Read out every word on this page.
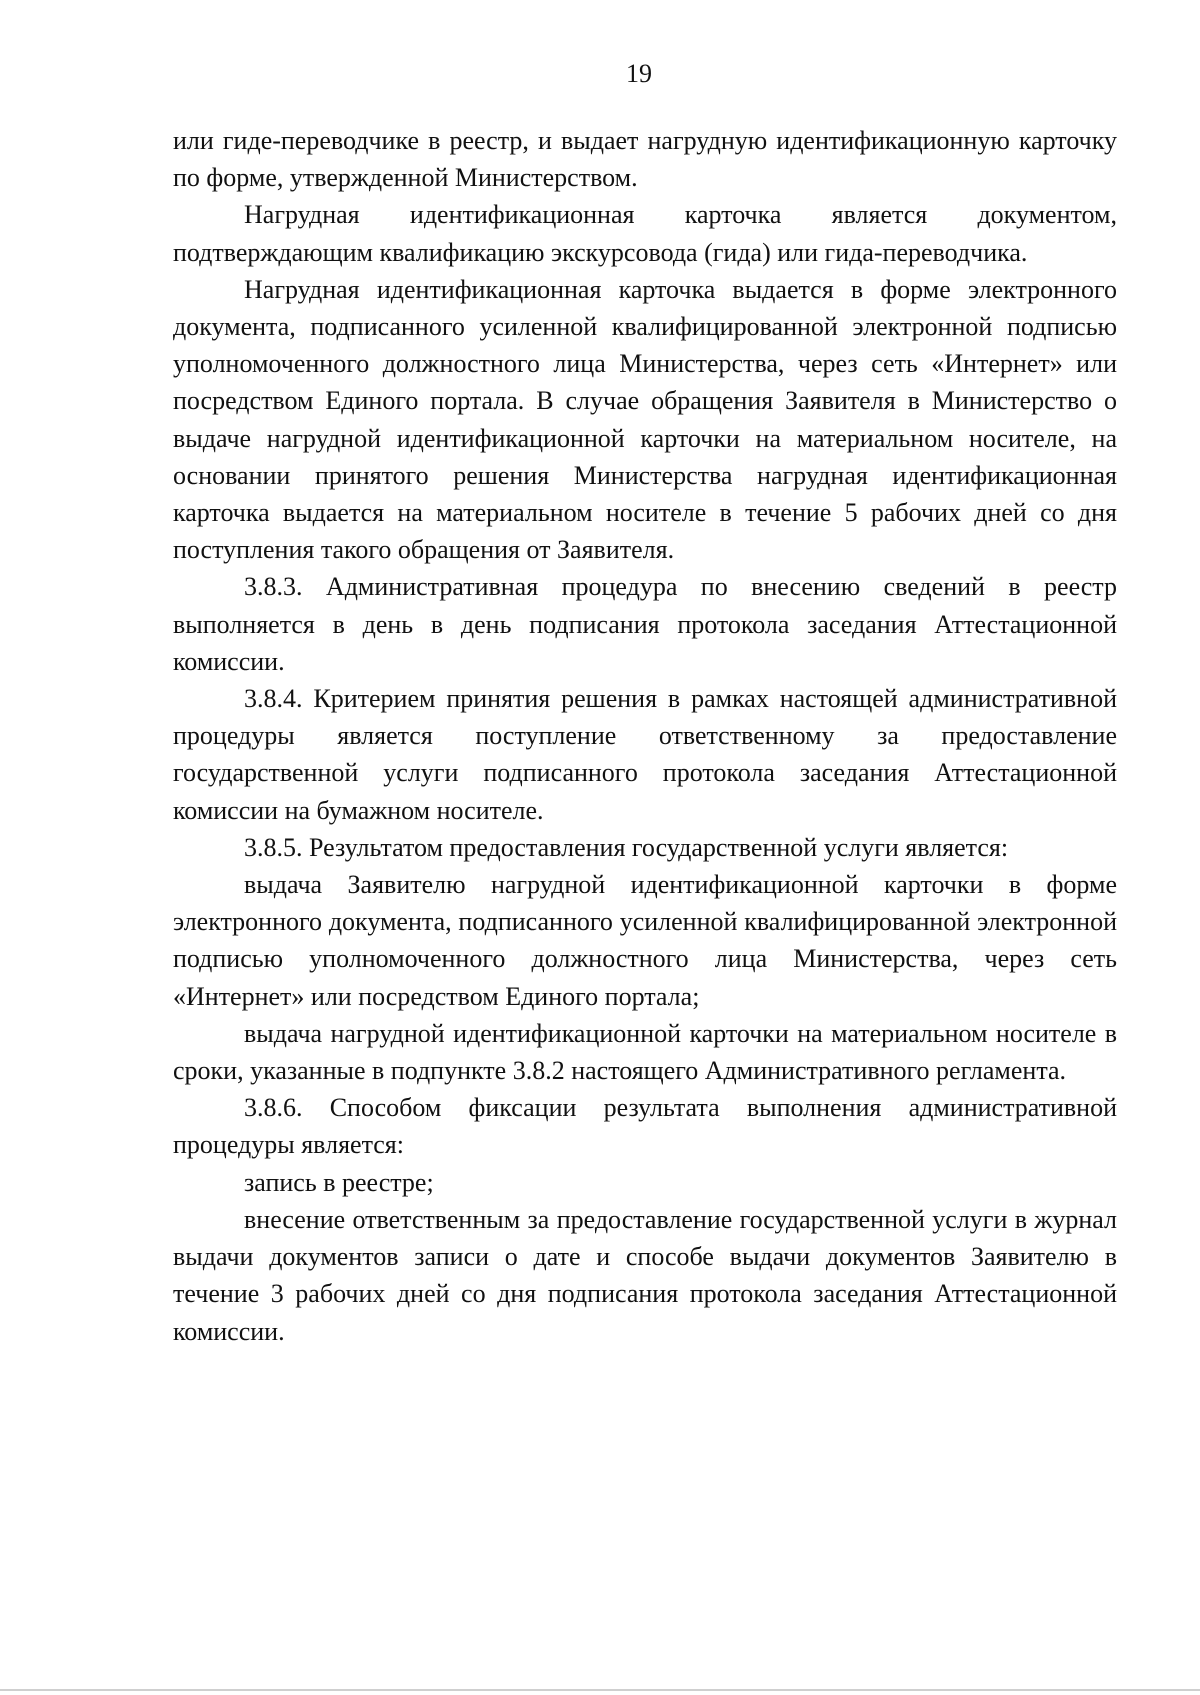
19

или гиде-переводчике в реестр, и выдает нагрудную идентификационную карточку по форме, утвержденной Министерством.

Нагрудная идентификационная карточка является документом, подтверждающим квалификацию экскурсовода (гида) или гида-переводчика.

Нагрудная идентификационная карточка выдается в форме электронного документа, подписанного усиленной квалифицированной электронной подписью уполномоченного должностного лица Министерства, через сеть «Интернет» или посредством Единого портала. В случае обращения Заявителя в Министерство о выдаче нагрудной идентификационной карточки на материальном носителе, на основании принятого решения Министерства нагрудная идентификационная карточка выдается на материальном носителе в течение 5 рабочих дней со дня поступления такого обращения от Заявителя.

3.8.3. Административная процедура по внесению сведений в реестр выполняется в день в день подписания протокола заседания Аттестационной комиссии.

3.8.4. Критерием принятия решения в рамках настоящей административной процедуры является поступление ответственному за предоставление государственной услуги подписанного протокола заседания Аттестационной комиссии на бумажном носителе.

3.8.5. Результатом предоставления государственной услуги является:

выдача Заявителю нагрудной идентификационной карточки в форме электронного документа, подписанного усиленной квалифицированной электронной подписью уполномоченного должностного лица Министерства, через сеть «Интернет» или посредством Единого портала;

выдача нагрудной идентификационной карточки на материальном носителе в сроки, указанные в подпункте 3.8.2 настоящего Административного регламента.

3.8.6. Способом фиксации результата выполнения административной процедуры является:

запись в реестре;

внесение ответственным за предоставление государственной услуги в журнал выдачи документов записи о дате и способе выдачи документов Заявителю в течение 3 рабочих дней со дня подписания протокола заседания Аттестационной комиссии.
